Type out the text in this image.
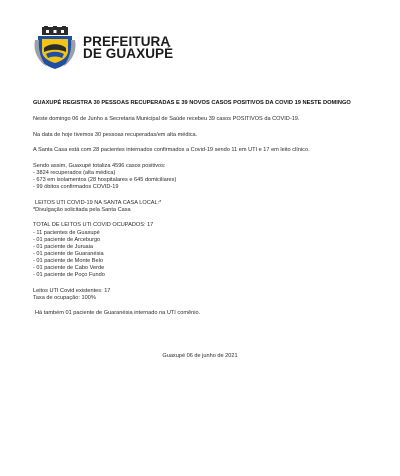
PREFEITURA
DE GUAXUPÉ
GUAXUPÉ REGISTRA 30 PESSOAS RECUPERADAS E 39 NOVOS CASOS POSITIVOS DA COVID 19 NESTE DOMINGO
Neste domingo 06 de Junho a Secretaria Municipal de Saúde recebeu 39 casos POSITIVOS da COVID-19.
Na data de hoje tivemos 30 pessoas recuperadas/em alta médica.
A Santa Casa está com 28 pacientes internados confirmados a Covid-19 sendo 11 em UTI e 17 em leito clínico.
Sendo assim, Guaxupé totaliza 4596 casos positivos:
- 3824 recuperados (alta médica)
- 673 em isolamentos (28 hospitalares e 645 domiciliares)
- 99 óbitos confirmados COVID-19
LEITOS UTI COVID-19 NA SANTA CASA LOCAL:*
*Divulgação solicitada pela Santa Casa
TOTAL DE LEITOS UTI COVID OCUPADOS: 17
- 11 pacientes de Guaxupé
- 01 paciente de Arceburgo
- 01 paciente de Juruaia
- 01 paciente de Guaranésia
- 01 paciente de Monte Belo
- 01 paciente de Cabo Verde
- 01 paciente de Poço Fundo
Leitos UTI Covid existentes: 17
Taxa de ocupação: 100%
Há também 01 paciente de Guaranésia internado na UTI comênio.
Guaxupé 06 de junho de 2021
